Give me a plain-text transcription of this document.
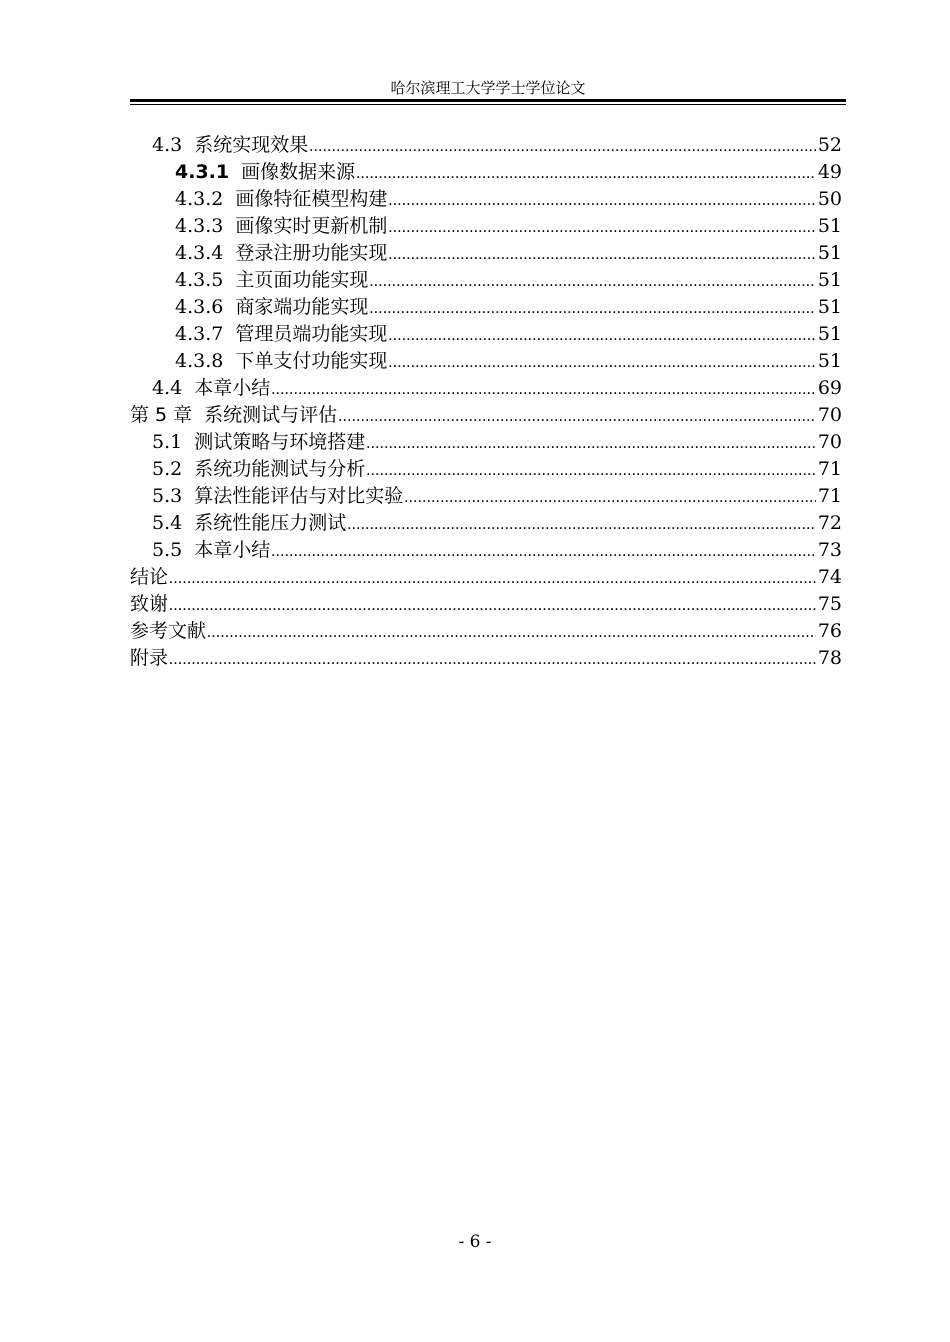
哈尔滨理工大学学士学位论文
4.3 系统实现效果 .....	52
4.3.1 画像数据来源 .....	49
4.3.2 画像特征模型构建 .....	50
4.3.3 画像实时更新机制 .....	51
4.3.4 登录注册功能实现 .....	51
4.3.5 主页面功能实现 .....	51
4.3.6 商家端功能实现 .....	51
4.3.7 管理员端功能实现 .....	51
4.3.8 下单支付功能实现 .....	51
4.4 本章小结 .....	69
第 5 章 系统测试与评估 .....	70
5.1 测试策略与环境搭建 .....	70
5.2 系统功能测试与分析 .....	71
5.3 算法性能评估与对比实验 .....	71
5.4 系统性能压力测试 .....	72
5.5 本章小结 .....	73
结论 .....	74
致谢 .....	75
参考文献 .....	76
附录 .....	78
- 6 -
